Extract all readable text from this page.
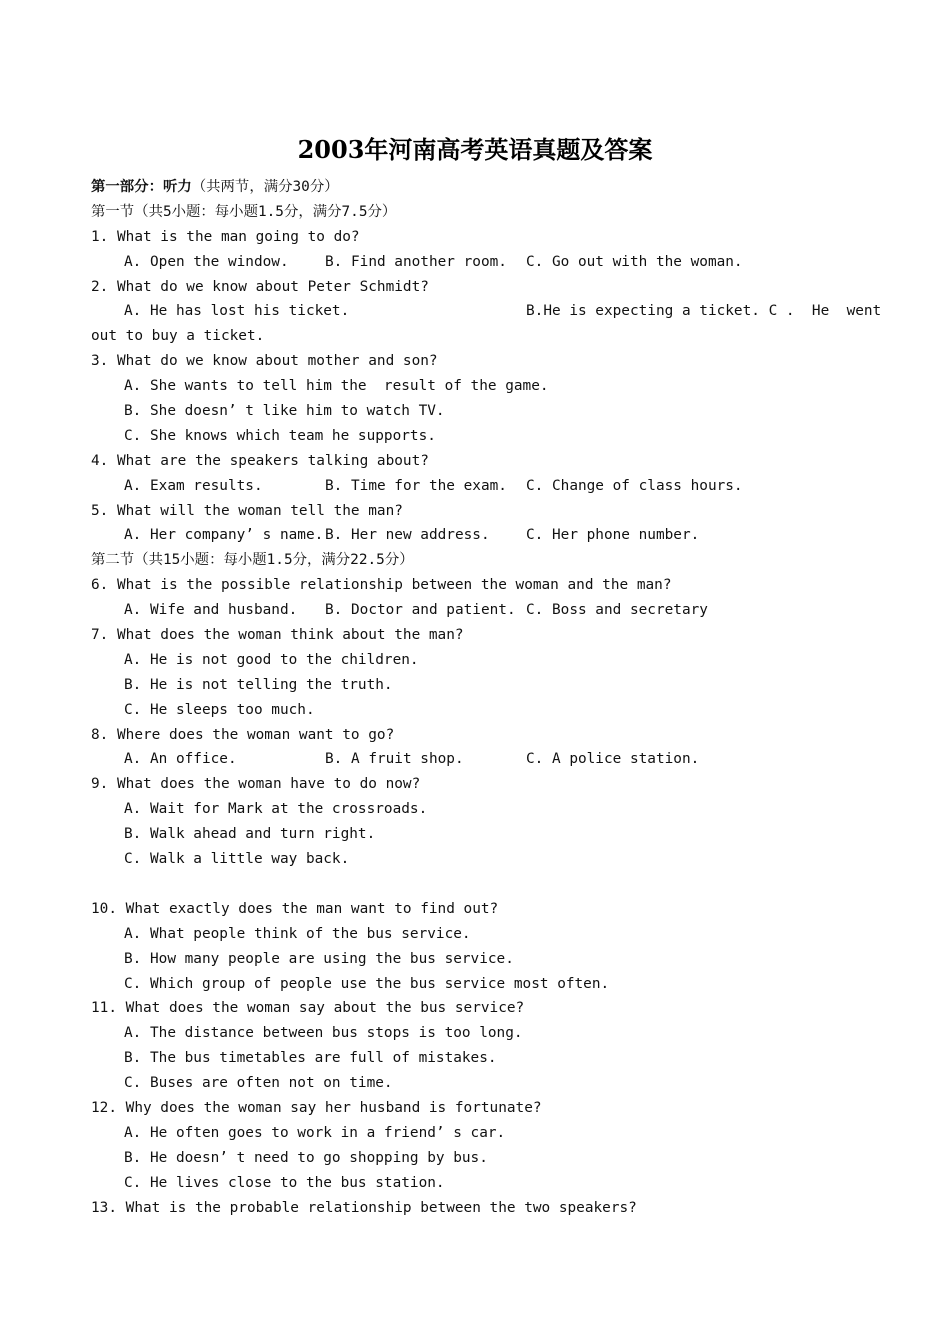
2003年河南高考英语真题及答案
第一部分：听力（共两节，满分30分）
第一节（共5小题：每小题1.5分，满分7.5分）
1. What is the man going to do?

A. Open the window.

	B. Find another room.

C. Go out with the woman.

2. What do we know about Peter Schmidt?

A. He has lost his ticket.

	B.He is expecting a ticket. C .  He  went

out to buy a ticket.
3. What do we know about mother and son?
A. She wants to tell him the  result of the game.
B. She doesn’ t like him to watch TV.
C. She knows which team he supports.
4. What are the speakers talking about?

A. Exam results.

	B. Time for the exam.

C. Change of class hours.

5. What will the woman tell the man?

A. Her company’ s name.

B. Her new address.

	C. Her phone number.

第二节（共15小题：每小题1.5分，满分22.5分）
6. What is the possible relationship between the woman and the man?

A. Wife and husband.

B. Doctor and patient.

C. Boss and secretary

7. What does the woman think about the man?
A. He is not good to the children.
B. He is not telling the truth.
C. He sleeps too much.
8. Where does the woman want to go?

A. An office.

	B. A fruit shop.

	C. A police station.

9. What does the woman have to do now?
A. Wait for Mark at the crossroads.
B. Walk ahead and turn right.
C. Walk a little way back.
10. What exactly does the man want to find out?
A. What people think of the bus service.
B. How many people are using the bus service.
C. Which group of people use the bus service most often.
11. What does the woman say about the bus service?
A. The distance between bus stops is too long.
B. The bus timetables are full of mistakes.
C. Buses are often not on time.
12. Why does the woman say her husband is fortunate?
A. He often goes to work in a friend’ s car.
B. He doesn’ t need to go shopping by bus.
C. He lives close to the bus station.
13. What is the probable relationship between the two speakers?
